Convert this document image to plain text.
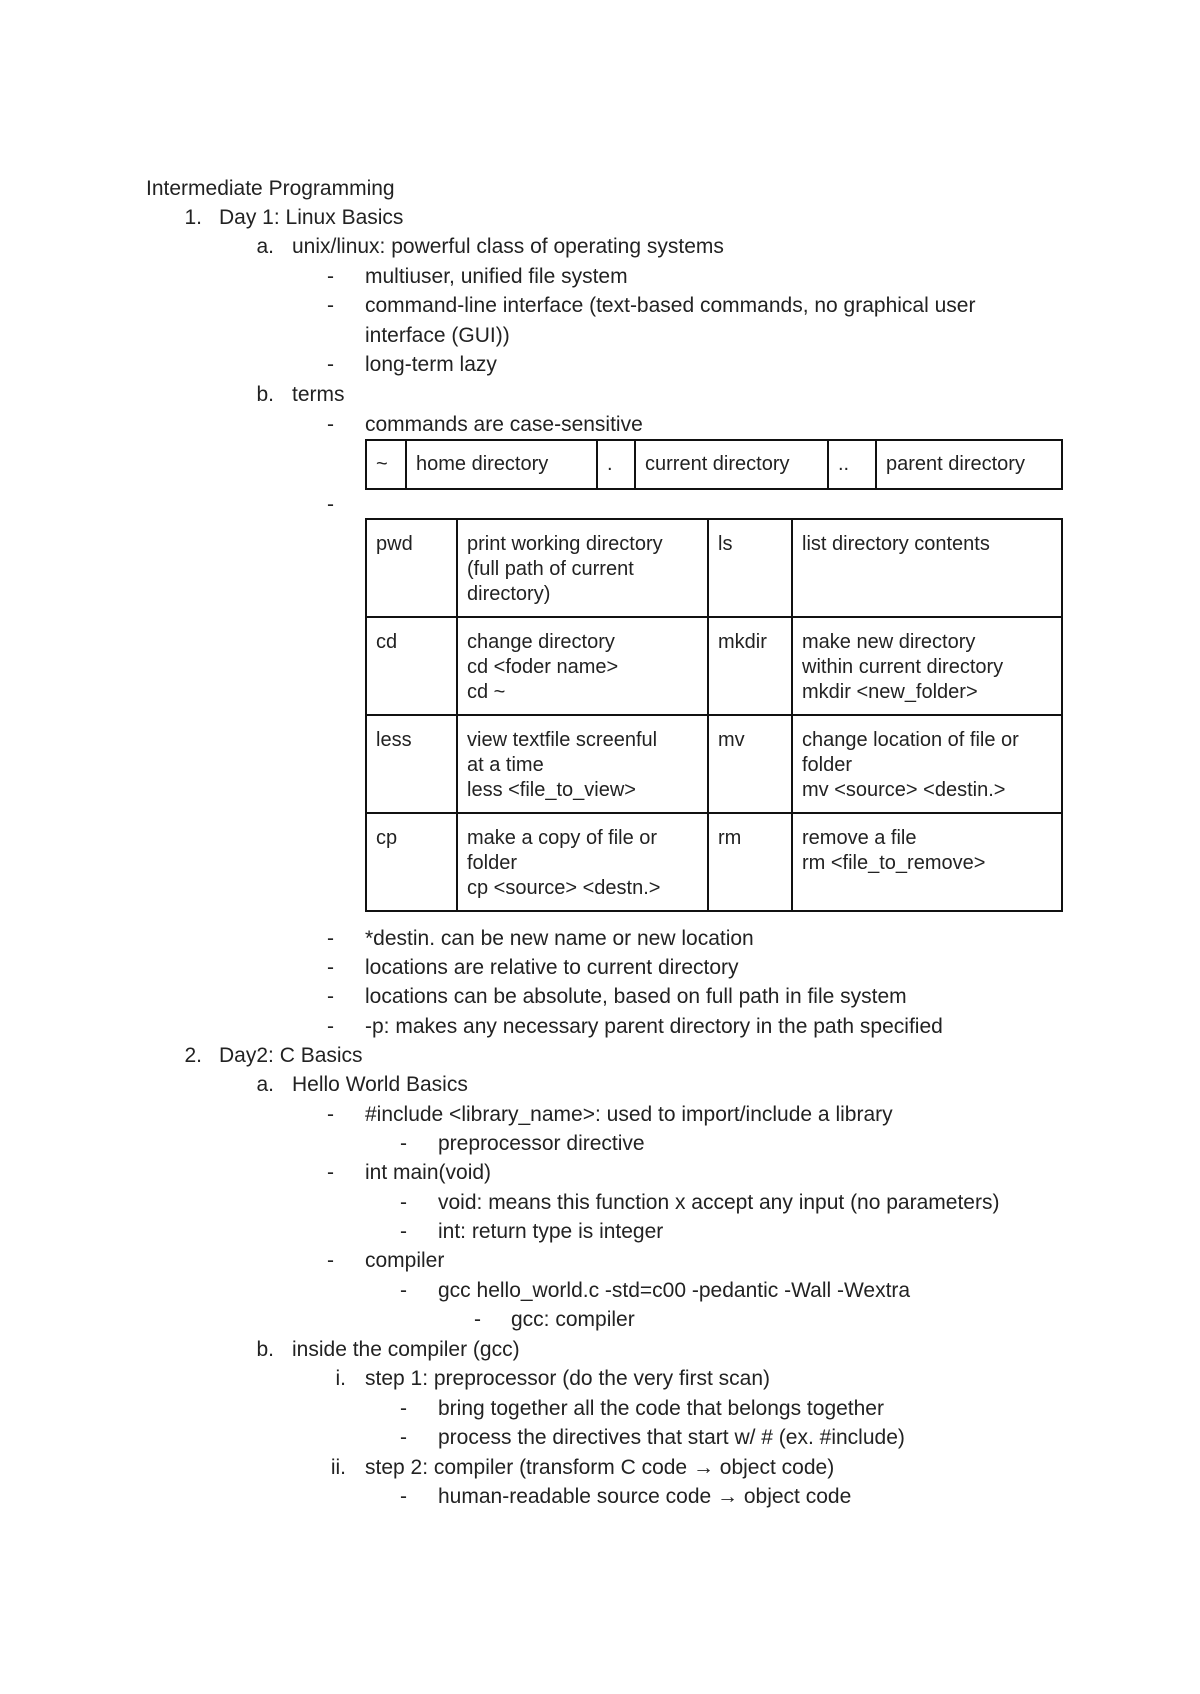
Intermediate Programming
1. Day 1: Linux Basics
a. unix/linux: powerful class of operating systems
- multiuser, unified file system
- command-line interface (text-based commands, no graphical user
interface (GUI))
- long-term lazy
b. terms
- commands are case-sensitive
~	home directory	.	current directory	..	parent directory
-
pwd	print working directory
(full path of current
directory)	ls	list directory contents

cd	change directory
cd <foder name>
cd ~	mkdir	make new directory
within current directory
mkdir <new_folder>

less	view textfile screenful
at a time
less <file_to_view>	mv	change location of file or
folder
mv <source> <destin.>

cp	make a copy of file or
folder
cp <source> <destn.>	rm	remove a file
rm <file_to_remove>
- *destin. can be new name or new location
- locations are relative to current directory
- locations can be absolute, based on full path in file system
- -p: makes any necessary parent directory in the path specified
2. Day2: C Basics
a. Hello World Basics
- #include <library_name>: used to import/include a library
- preprocessor directive
- int main(void)
- void: means this function x accept any input (no parameters)
- int: return type is integer
- compiler
- gcc hello_world.c -std=c00 -pedantic -Wall -Wextra
- gcc: compiler
b. inside the compiler (gcc)
i. step 1: preprocessor (do the very first scan)
- bring together all the code that belongs together
- process the directives that start w/ # (ex. #include)
ii. step 2: compiler (transform C code → object code)
- human-readable source code → object code
